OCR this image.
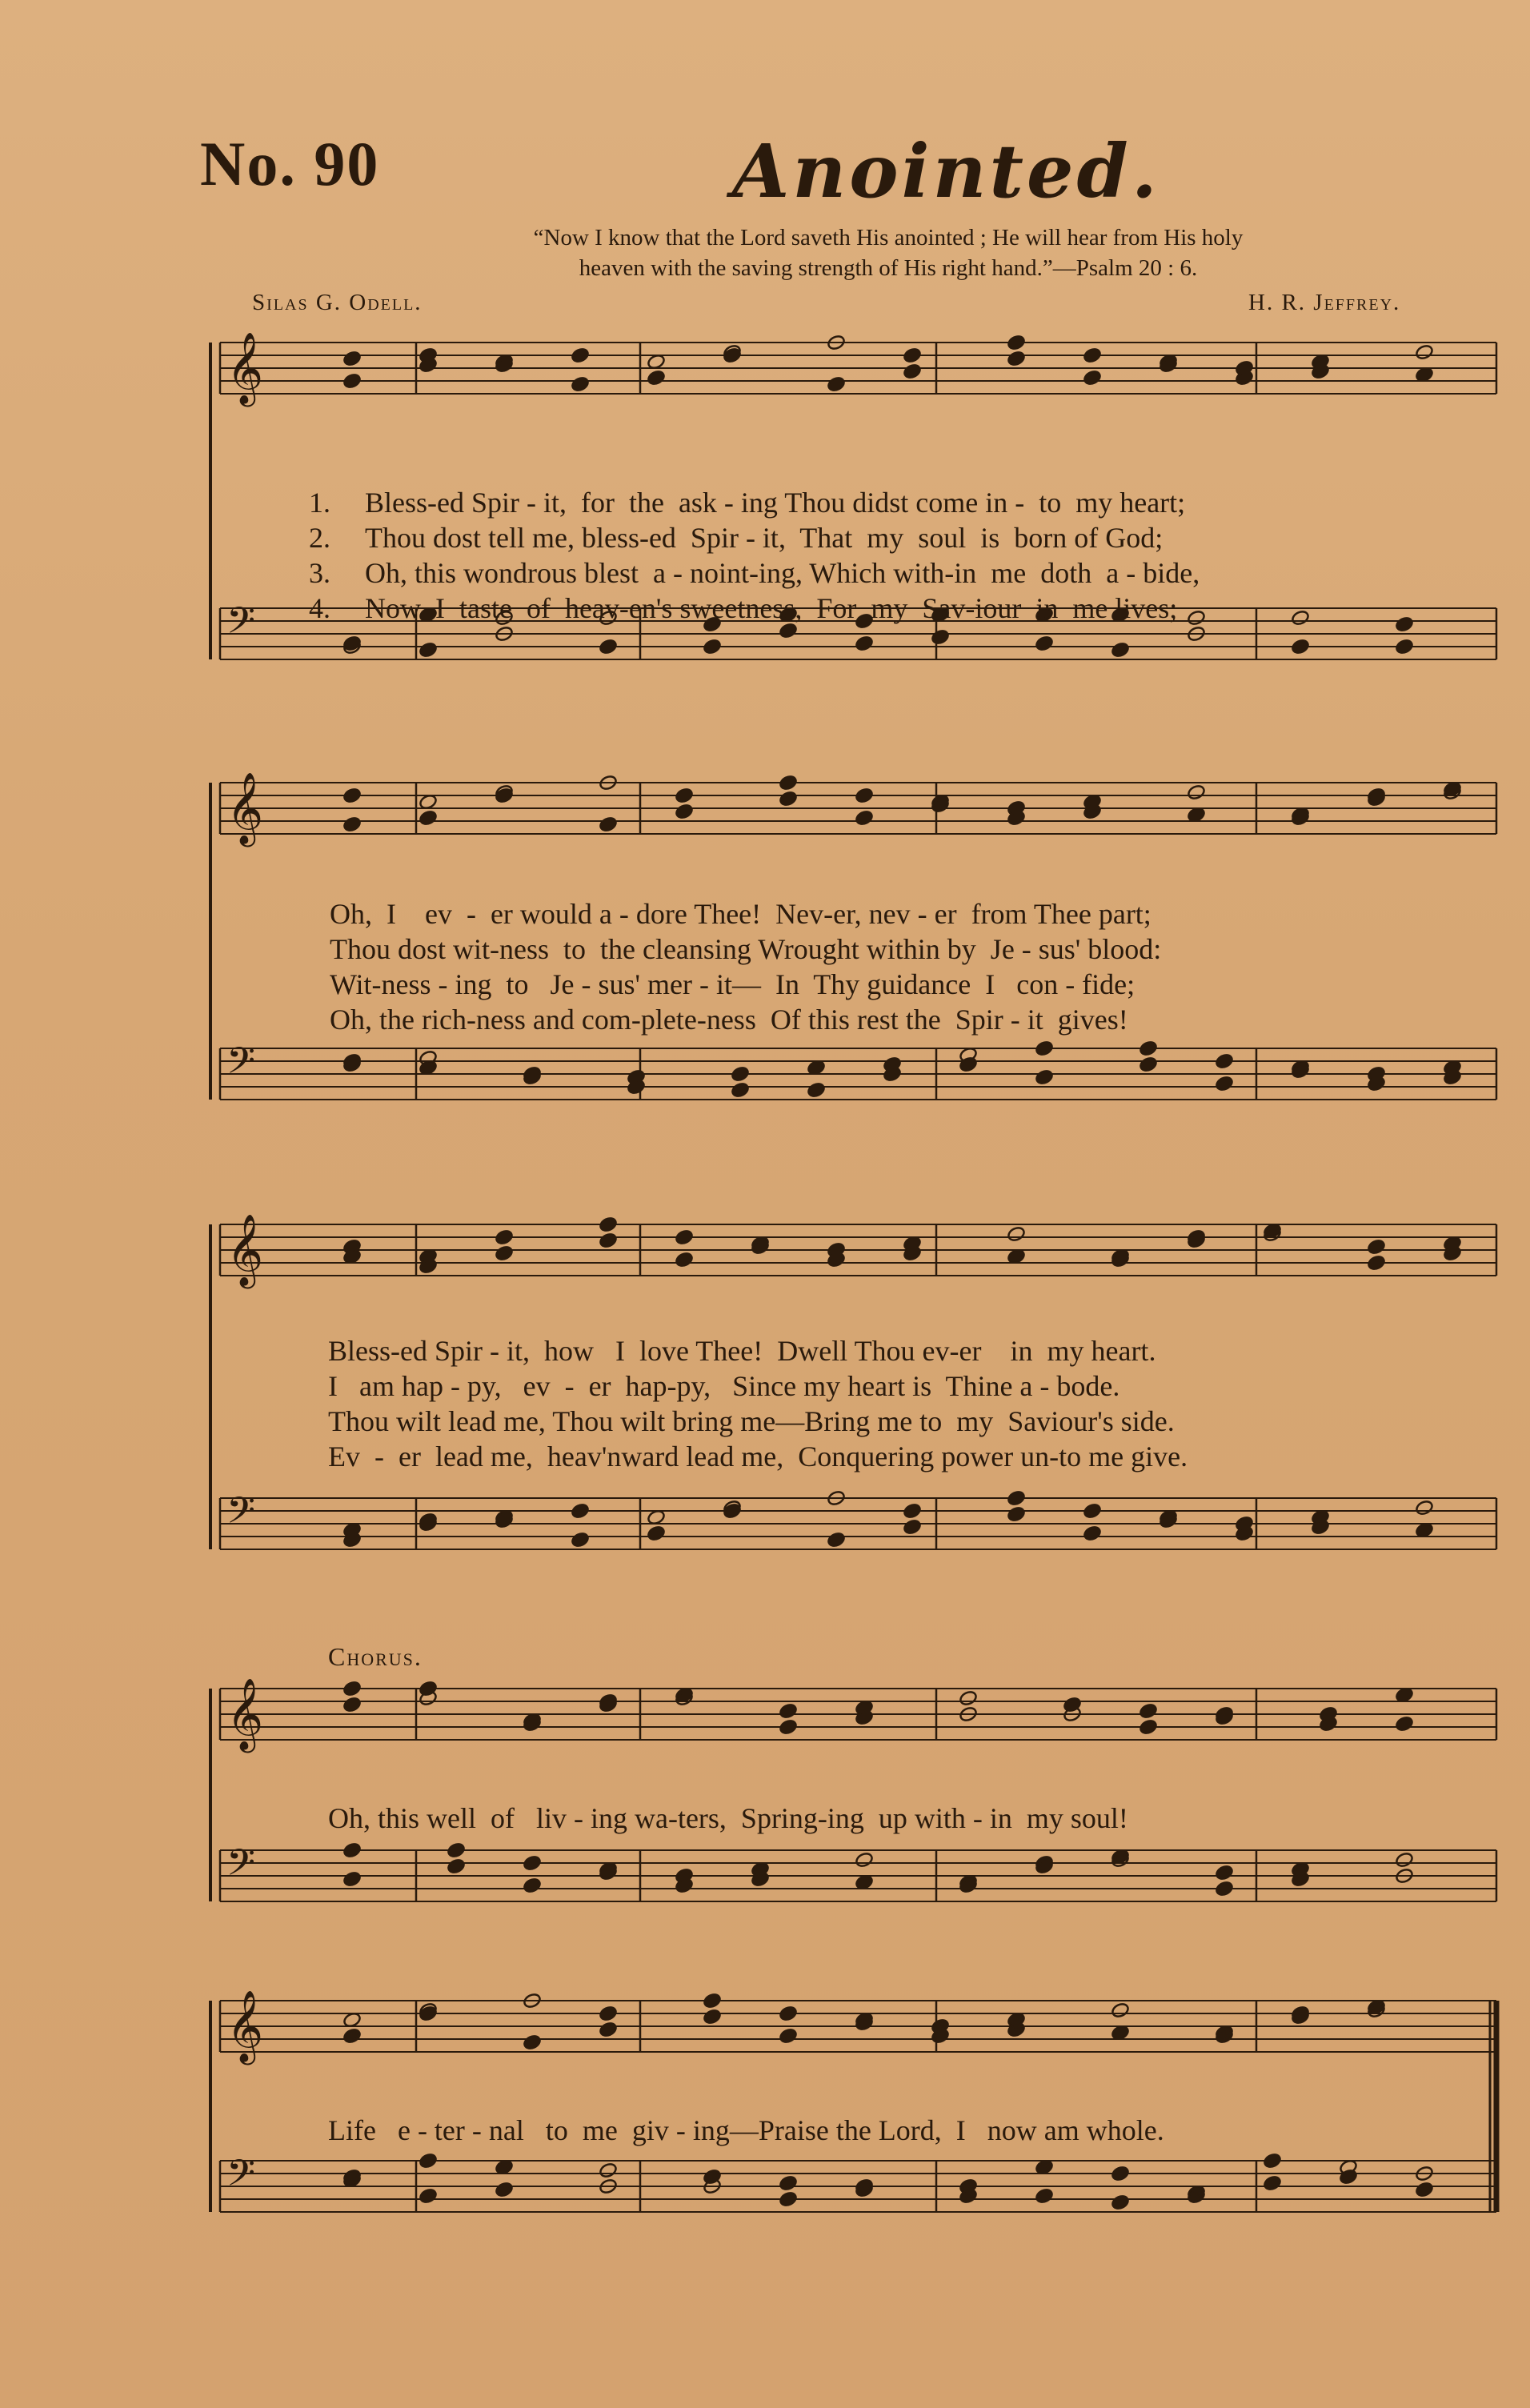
No. 90	Anointed.
“Now I know that the Lord saveth His anointed ; He will hear from His holy
heaven with the saving strength of His right hand.”—Psalm 20 : 6.
Silas G. Odell.	H. R. Jeffrey.
𝄞
𝄢
𝄞
𝄢
𝄞
𝄢
𝄞
𝄢
𝄞
𝄢

1. Bless-ed Spir - it,  for  the  ask - ing Thou didst come in -  to  my heart;

2. Thou dost tell me, bless-ed  Spir - it,  That  my  soul  is  born of God;

3. Oh, this wondrous blest  a - noint-ing, Which with-in  me  doth  a - bide,

4. Now  I  taste  of  heav-en's sweetness,  For  my  Sav-iour  in  me lives;

Oh,  I    ev  -  er would a - dore Thee!  Nev-er, nev - er  from Thee part;
Thou dost wit-ness  to  the cleansing Wrought within by  Je - sus' blood:
Wit-ness - ing  to   Je - sus' mer - it—  In  Thy guidance  I   con - fide;
Oh, the rich-ness and com-plete-ness  Of this rest the  Spir - it  gives!
Bless-ed Spir - it,  how   I  love Thee!  Dwell Thou ev-er    in  my heart.
I   am hap - py,   ev  -  er  hap-py,   Since my heart is  Thine a - bode.
Thou wilt lead me, Thou wilt bring me—Bring me to  my  Saviour's side.
Ev  -  er  lead me,  heav'nward lead me,  Conquering power un-to me give.
Chorus.
Oh, this well  of   liv - ing wa-ters,  Spring-ing  up with - in  my soul!
Life   e - ter - nal   to  me  giv - ing—Praise the Lord,  I   now am whole.
